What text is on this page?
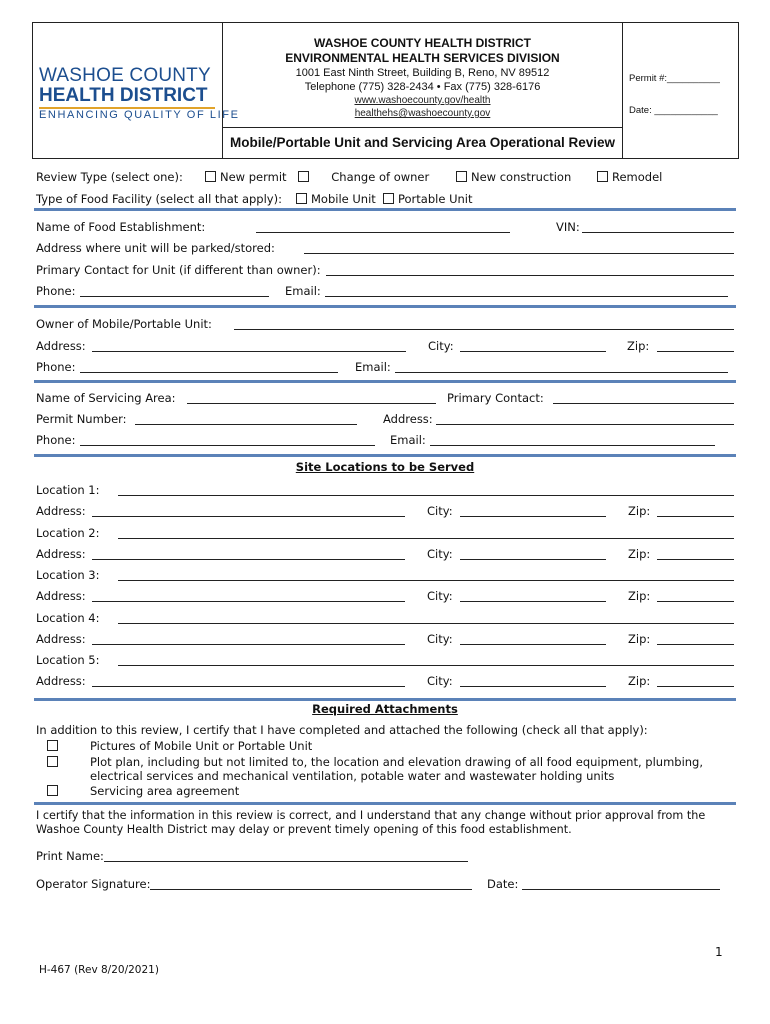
WASHOE COUNTY
HEALTH DISTRICT
ENHANCING QUALITY OF LIFE
WASHOE COUNTY HEALTH DISTRICT
ENVIRONMENTAL HEALTH SERVICES DIVISION
1001 East Ninth Street, Building B, Reno, NV 89512
Telephone (775) 328-2434 • Fax (775) 328-6176
www.washoecounty.gov/health
healthehs@washoecounty.gov
Permit #:__________
Date: ____________
Mobile/Portable Unit and Servicing Area Operational Review
Review Type (select one):	New permit	Change of owner	New construction	Remodel
Type of Food Facility (select all that apply):	Mobile Unit	Portable Unit
Name of Food Establishment:	VIN:
Address where unit will be parked/stored:
Primary Contact for Unit (if different than owner):
Phone:	Email:
Owner of Mobile/Portable Unit:
Address:	City:	Zip:
Phone:	Email:
Name of Servicing Area:	Primary Contact:
Permit Number:	Address:
Phone:	Email:
Site Locations to be Served
Location 1:
Address:	City:	Zip:
Location 2:
Address:	City:	Zip:
Location 3:
Address:	City:	Zip:
Location 4:
Address:	City:	Zip:
Location 5:
Address:	City:	Zip:
Required Attachments
In addition to this review, I certify that I have completed and attached the following (check all that apply):
Pictures of Mobile Unit or Portable Unit
Plot plan, including but not limited to, the location and elevation drawing of all food equipment, plumbing,
electrical services and mechanical ventilation, potable water and wastewater holding units
Servicing area agreement
I certify that the information in this review is correct, and I understand that any change without prior approval from the
Washoe County Health District may delay or prevent timely opening of this food establishment.
Print Name:
Operator Signature:	Date:
1
H-467 (Rev 8/20/2021)
